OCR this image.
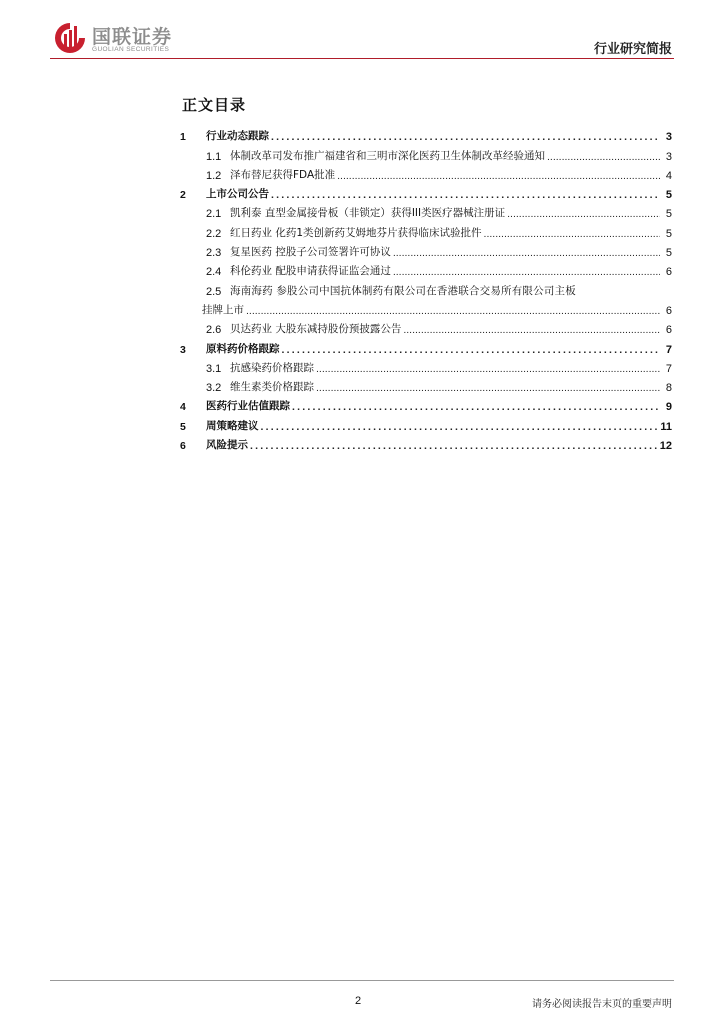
国联证券
GUOLIAN SECURITIES	行业研究简报
正文目录
1	行业动态跟踪 .....	3
1.1 体制改革司发布推广福建省和三明市深化医药卫生体制改革经验通知 .....	3
1.2 泽布替尼获得FDA批准 .....	4
2	上市公司公告 .....	5
2.1 凯利泰 直型金属接骨板（非锁定）获得III类医疗器械注册证 .....	5
2.2 红日药业 化药1类创新药艾姆地芬片获得临床试验批件 .....	5
2.3 复星医药 控股子公司签署许可协议 .....	5
2.4 科伦药业 配股申请获得证监会通过 .....	6
2.5 海南海药 参股公司中国抗体制药有限公司在香港联合交易所有限公司主板
挂牌上市 .....	6
2.6 贝达药业 大股东减持股份预披露公告 .....	6
3	原料药价格跟踪 .....	7
3.1 抗感染药价格跟踪 .....	7
3.2 维生素类价格跟踪 .....	8
4	医药行业估值跟踪 .....	9
5	周策略建议 .....	11
6	风险提示 .....	12
2	请务必阅读报告末页的重要声明
